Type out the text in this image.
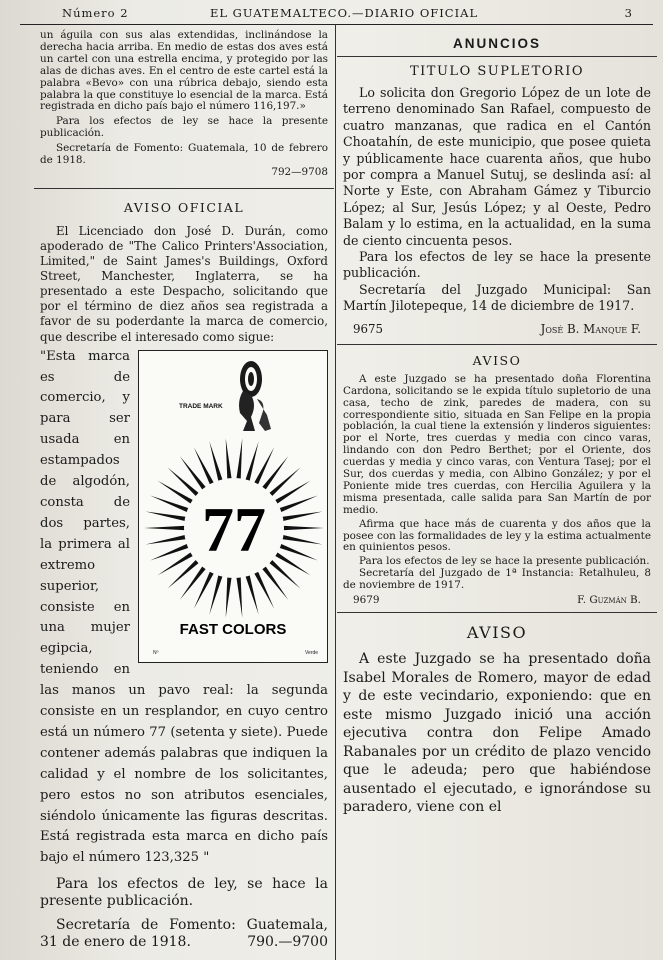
Número 2	EL GUATEMALTECO.—DIARIO OFICIAL	3

un águila con sus alas extendidas, inclinándose la derecha hacia arriba. En medio de estas dos aves está un cartel con una estrella encima, y protegido por las alas de dichas aves. En el centro de este cartel está la palabra «Bevo» con una rúbrica debajo, siendo esta palabra la que constituye lo esencial de la marca. Está registrada en dicho país bajo el número 116,197.»

Para los efectos de ley se hace la presente publicación.

Secretaría de Fomento: Guatemala, 10 de febrero de 1918.

792—9708
AVISO OFICIAL

El Licenciado don José D. Durán, como apoderado de "The Calico Printers'Association, Limited," de Saint James's Buildings, Oxford Street, Manchester, Inglaterra, se ha presentado a este Despacho, solicitando que por el término de diez años sea registrada a favor de su poderdante la marca de comercio, que describe el interesado como sigue:

77
TRADE MARK
FAST COLORS
Nº	Verde
"Esta marca es de comercio, y para ser usada en estampados de algodón, consta de dos partes, la primera al extremo superior, consiste en una mujer egipcia, teniendo en las manos un pavo real: la segunda consiste en un resplandor, en cuyo centro está un número 77 (setenta y siete). Puede contener además palabras que indiquen la calidad y el nombre de los solicitantes, pero estos no son atributos esenciales, siéndolo únicamente las figuras descritas. Está registrada esta marca en dicho país bajo el número 123,325 "

Para los efectos de ley, se hace la presente publicación.

Secretaría de Fomento: Guatemala, 31 de enero de 1918.	790.—9700
ANUNCIOS
TITULO SUPLETORIO

Lo solicita don Gregorio López de un lote de terreno denominado San Rafael, compuesto de cuatro manzanas, que radica en el Cantón Choatahín, de este municipio, que posee quieta y públicamente hace cuarenta años, que hubo por compra a Manuel Sutuj, se deslinda así: al Norte y Este, con Abraham Gámez y Tiburcio López; al Sur, Jesús López; y al Oeste, Pedro Balam y lo estima, en la actualidad, en la suma de ciento cincuenta pesos.

Para los efectos de ley se hace la presente publicación.

Secretaría del Juzgado Municipal: San Martín Jilotepeque, 14 de diciembre de 1917.

9675	José B. Manque F.
AVISO

A este Juzgado se ha presentado doña Florentina Cardona, solicitando se le expida título supletorio de una casa, techo de zink, paredes de madera, con su correspondiente sitio, situada en San Felipe en la propia población, la cual tiene la extensión y linderos siguientes: por el Norte, tres cuerdas y media con cinco varas, lindando con don Pedro Berthet; por el Oriente, dos cuerdas y media y cinco varas, con Ventura Tasej; por el Sur, dos cuerdas y media, con Albino González; y por el Poniente mide tres cuerdas, con Hercilia Aguilera y la misma presentada, calle salida para San Martín de por medio.

Afirma que hace más de cuarenta y dos años que la posee con las formalidades de ley y la estima actualmente en quinientos pesos.

Para los efectos de ley se hace la presente publicación.

Secretaría del Juzgado de 1ª Instancia: Retalhuleu, 8 de noviembre de 1917.

9679	F. Guzmán B.
AVISO

A este Juzgado se ha presentado doña Isabel Morales de Romero, mayor de edad y de este vecindario, exponiendo: que en este mismo Juzgado inició una acción ejecutiva contra don Felipe Amado Rabanales por un crédito de plazo vencido que le adeuda; pero que habiéndose ausentado el ejecutado, e ignorándose su paradero, viene con el
